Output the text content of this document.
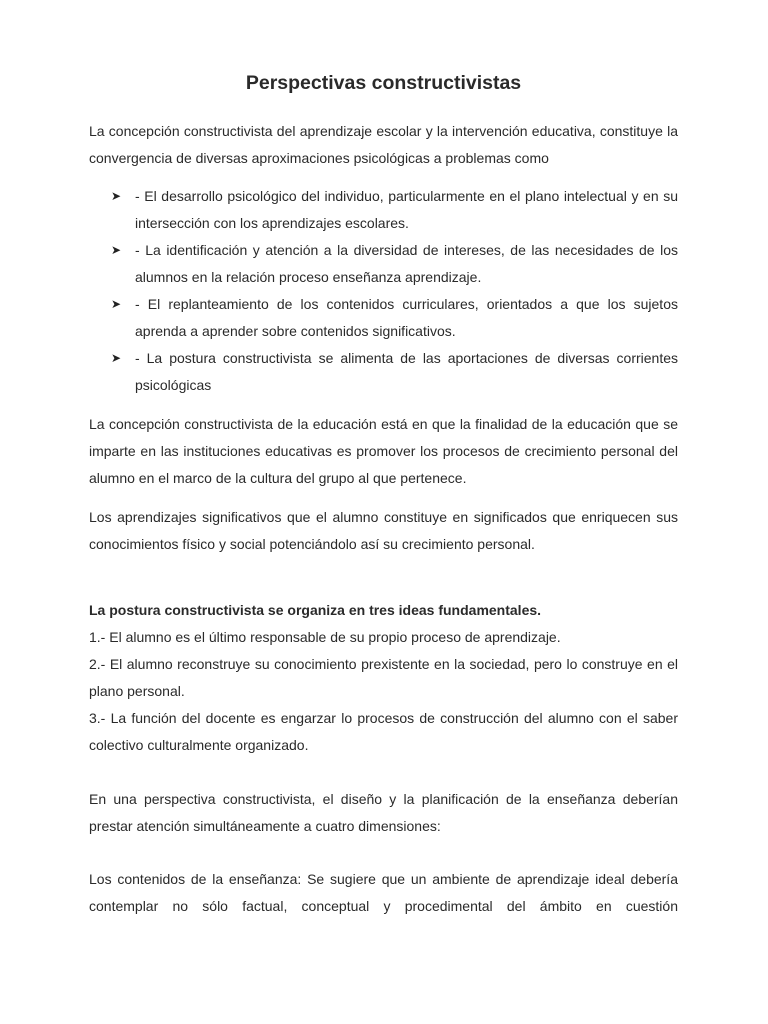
Perspectivas constructivistas

La concepción constructivista del aprendizaje escolar y la intervención educativa, constituye la convergencia de diversas aproximaciones psicológicas a problemas como

➤ - El desarrollo psicológico del individuo, particularmente en el plano intelectual y en su intersección con los aprendizajes escolares.
➤ - La identificación y atención a la diversidad de intereses, de las necesidades de los alumnos en la relación proceso enseñanza aprendizaje.
➤ - El replanteamiento de los contenidos curriculares, orientados a que los sujetos aprenda a aprender sobre contenidos significativos.
➤ - La postura constructivista se alimenta de las aportaciones de diversas corrientes psicológicas

La concepción constructivista de la educación está en que la finalidad de la educación que se imparte en las instituciones educativas es promover los procesos de crecimiento personal del alumno en el marco de la cultura del grupo al que pertenece.

Los aprendizajes significativos que el alumno constituye en significados que enriquecen sus conocimientos físico y social potenciándolo así su crecimiento personal.

La postura constructivista se organiza en tres ideas fundamentales.

1.- El alumno es el último responsable de su propio proceso de aprendizaje.

2.- El alumno reconstruye su conocimiento prexistente en la sociedad, pero lo construye en el plano personal.

3.- La función del docente es engarzar lo procesos de construcción del alumno con el saber colectivo culturalmente organizado.

En una perspectiva constructivista, el diseño y la planificación de la enseñanza deberían prestar atención simultáneamente a cuatro dimensiones:

Los contenidos de la enseñanza: Se sugiere que un ambiente de aprendizaje ideal debería contemplar no sólo factual, conceptual y procedimental del ámbito en cuestión
